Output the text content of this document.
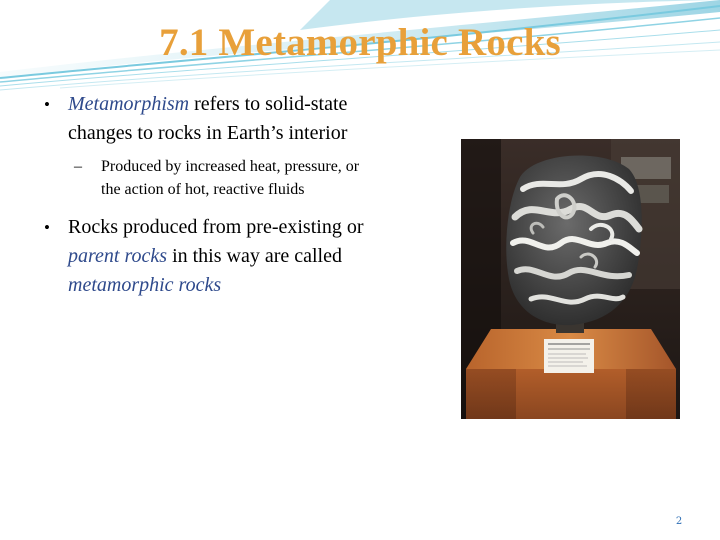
7.1 Metamorphic Rocks
• Metamorphism refers to solid-state
changes to rocks in Earth’s interior
– Produced by increased heat, pressure, or
the action of hot, reactive fluids
• Rocks produced from pre-existing or
parent rocks in this way are called
metamorphic rocks
2
